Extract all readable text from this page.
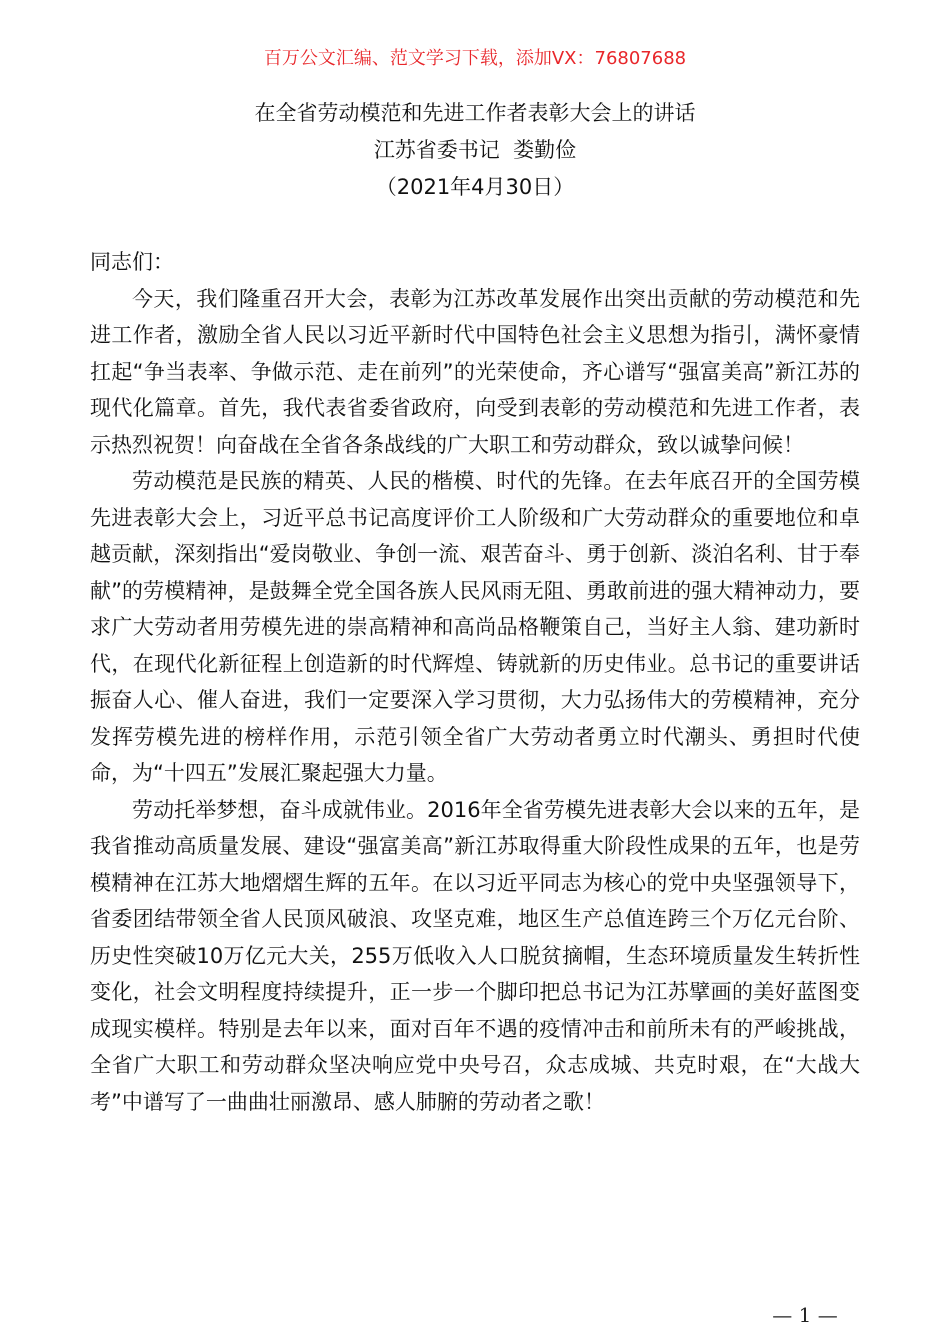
百万公文汇编、范文学习下载，添加VX：76807688
在全省劳动模范和先进工作者表彰大会上的讲话
江苏省委书记  娄勤俭
（2021年4月30日）

同志们：

今天，我们隆重召开大会，表彰为江苏改革发展作出突出贡献的劳动模范和先进工作者，激励全省人民以习近平新时代中国特色社会主义思想为指引，满怀豪情扛起“争当表率、争做示范、走在前列”的光荣使命，齐心谱写“强富美高”新江苏的现代化篇章。首先，我代表省委省政府，向受到表彰的劳动模范和先进工作者，表示热烈祝贺！向奋战在全省各条战线的广大职工和劳动群众，致以诚挚问候！

劳动模范是民族的精英、人民的楷模、时代的先锋。在去年底召开的全国劳模先进表彰大会上，习近平总书记高度评价工人阶级和广大劳动群众的重要地位和卓越贡献，深刻指出“爱岗敬业、争创一流、艰苦奋斗、勇于创新、淡泊名利、甘于奉献”的劳模精神，是鼓舞全党全国各族人民风雨无阻、勇敢前进的强大精神动力，要求广大劳动者用劳模先进的崇高精神和高尚品格鞭策自己，当好主人翁、建功新时代，在现代化新征程上创造新的时代辉煌、铸就新的历史伟业。总书记的重要讲话振奋人心、催人奋进，我们一定要深入学习贯彻，大力弘扬伟大的劳模精神，充分发挥劳模先进的榜样作用，示范引领全省广大劳动者勇立时代潮头、勇担时代使命，为“十四五”发展汇聚起强大力量。

劳动托举梦想，奋斗成就伟业。2016年全省劳模先进表彰大会以来的五年，是我省推动高质量发展、建设“强富美高”新江苏取得重大阶段性成果的五年，也是劳模精神在江苏大地熠熠生辉的五年。在以习近平同志为核心的党中央坚强领导下，省委团结带领全省人民顶风破浪、攻坚克难，地区生产总值连跨三个万亿元台阶、历史性突破10万亿元大关，255万低收入人口脱贫摘帽，生态环境质量发生转折性变化，社会文明程度持续提升，正一步一个脚印把总书记为江苏擘画的美好蓝图变成现实模样。特别是去年以来，面对百年不遇的疫情冲击和前所未有的严峻挑战，全省广大职工和劳动群众坚决响应党中央号召，众志成城、共克时艰，在“大战大考”中谱写了一曲曲壮丽激昂、感人肺腑的劳动者之歌！

— 1 —
